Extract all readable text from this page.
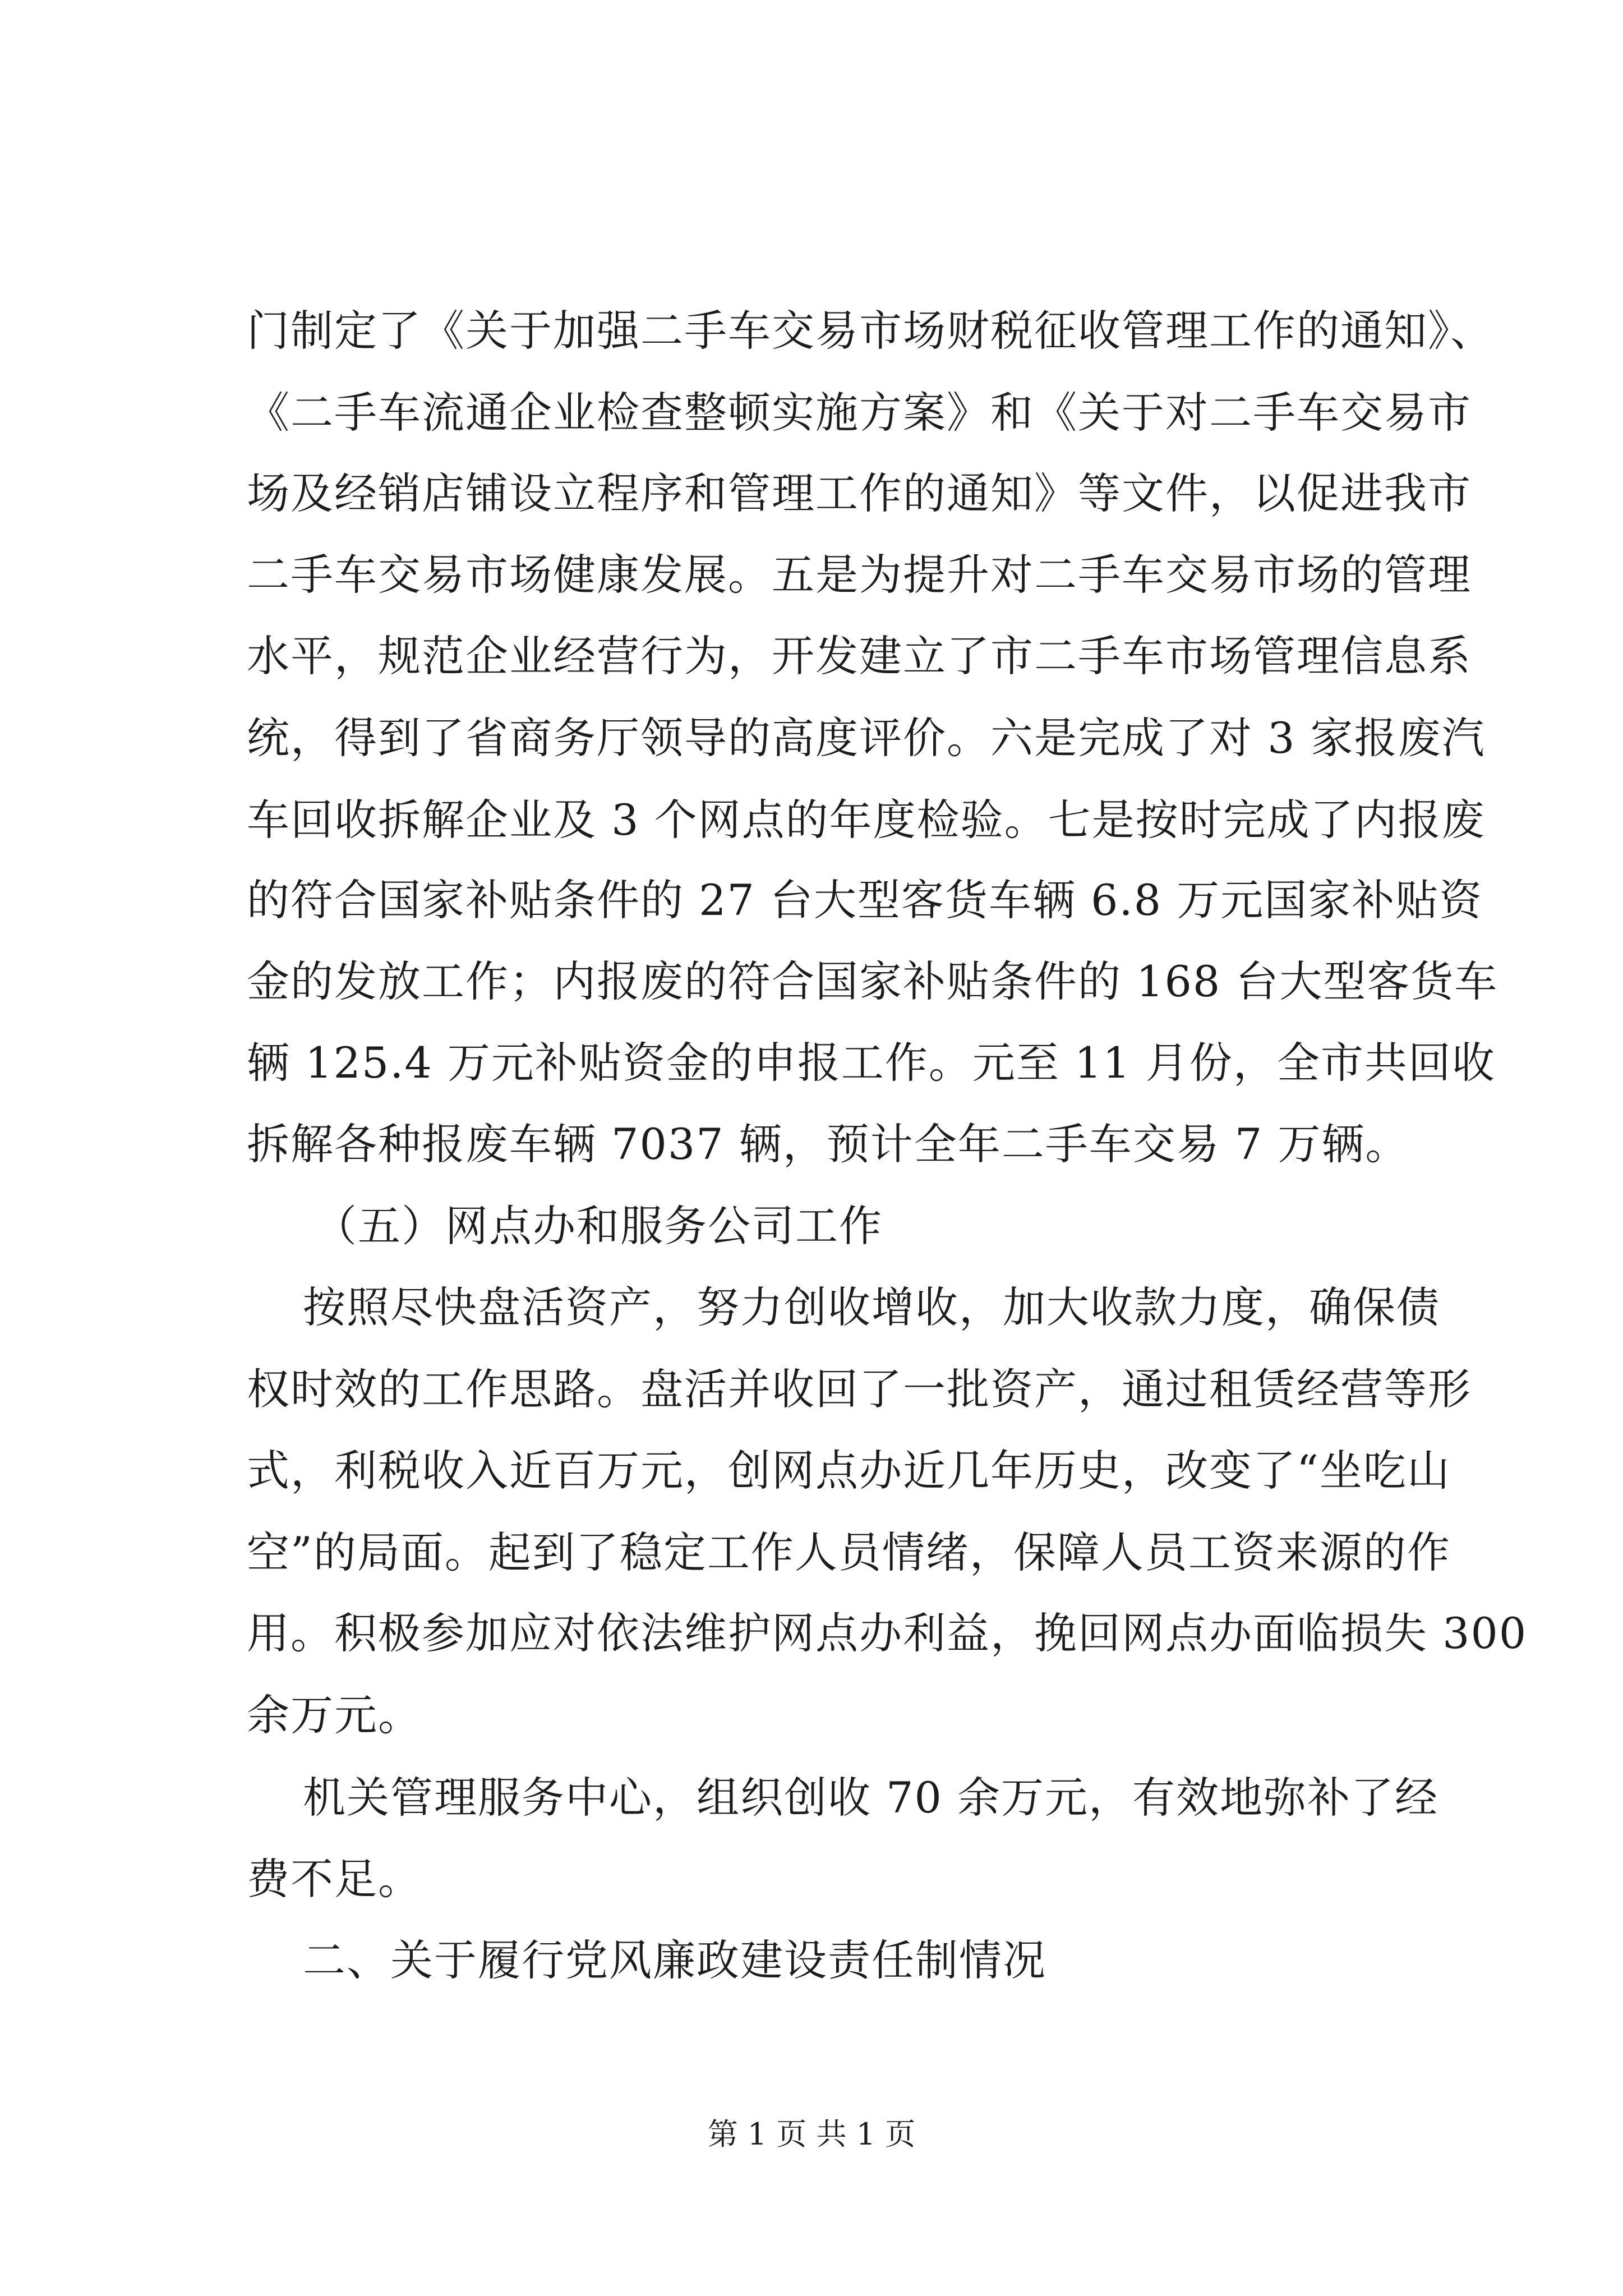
门制定了《关于加强二手车交易市场财税征收管理工作的通知》、
《二手车流通企业检查整顿实施方案》和《关于对二手车交易市
场及经销店铺设立程序和管理工作的通知》等文件，以促进我市
二手车交易市场健康发展。五是为提升对二手车交易市场的管理
水平，规范企业经营行为，开发建立了市二手车市场管理信息系
统，得到了省商务厅领导的高度评价。六是完成了对 3 家报废汽
车回收拆解企业及 3 个网点的年度检验。七是按时完成了内报废
的符合国家补贴条件的 27 台大型客货车辆 6.8 万元国家补贴资
金的发放工作；内报废的符合国家补贴条件的 168 台大型客货车
辆 125.4 万元补贴资金的申报工作。元至 11 月份，全市共回收
拆解各种报废车辆 7037 辆，预计全年二手车交易 7 万辆。
（五）网点办和服务公司工作
按照尽快盘活资产，努力创收增收，加大收款力度，确保债
权时效的工作思路。盘活并收回了一批资产，通过租赁经营等形
式，利税收入近百万元，创网点办近几年历史，改变了“坐吃山
空”的局面。起到了稳定工作人员情绪，保障人员工资来源的作
用。积极参加应对依法维护网点办利益，挽回网点办面临损失 300
余万元。
机关管理服务中心，组织创收 70 余万元，有效地弥补了经
费不足。
二、关于履行党风廉政建设责任制情况
第 1 页 共 1 页
